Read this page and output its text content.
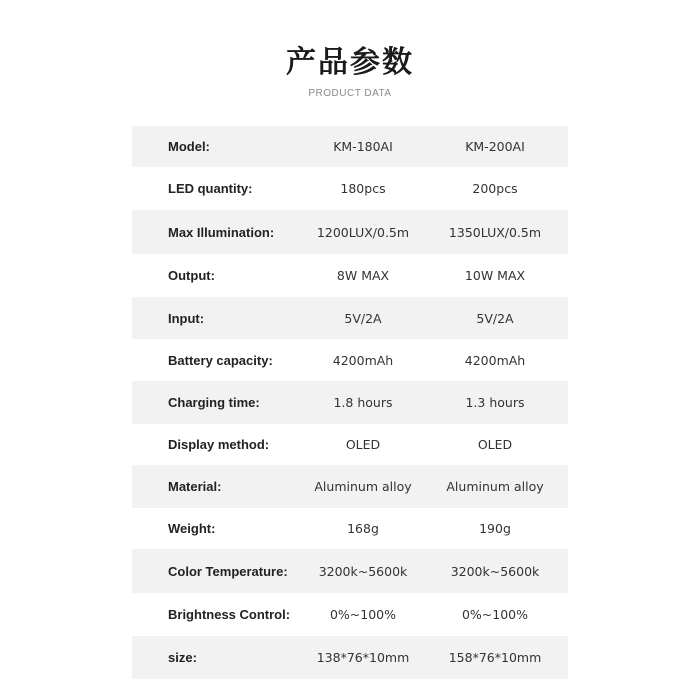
产品参数
PRODUCT DATA
Model:	KM-180AI	KM-200AI
LED quantity:	180pcs	200pcs
Max Illumination:	1200LUX/0.5m	1350LUX/0.5m
Output:	8W MAX	10W MAX
Input:	5V/2A	5V/2A
Battery capacity:	4200mAh	4200mAh
Charging time:	1.8 hours	1.3 hours
Display method:	OLED	OLED
Material:	Aluminum alloy	Aluminum alloy
Weight:	168g	190g
Color Temperature:	3200k~5600k	3200k~5600k
Brightness Control:	0%~100%	0%~100%
size:	138*76*10mm	158*76*10mm
